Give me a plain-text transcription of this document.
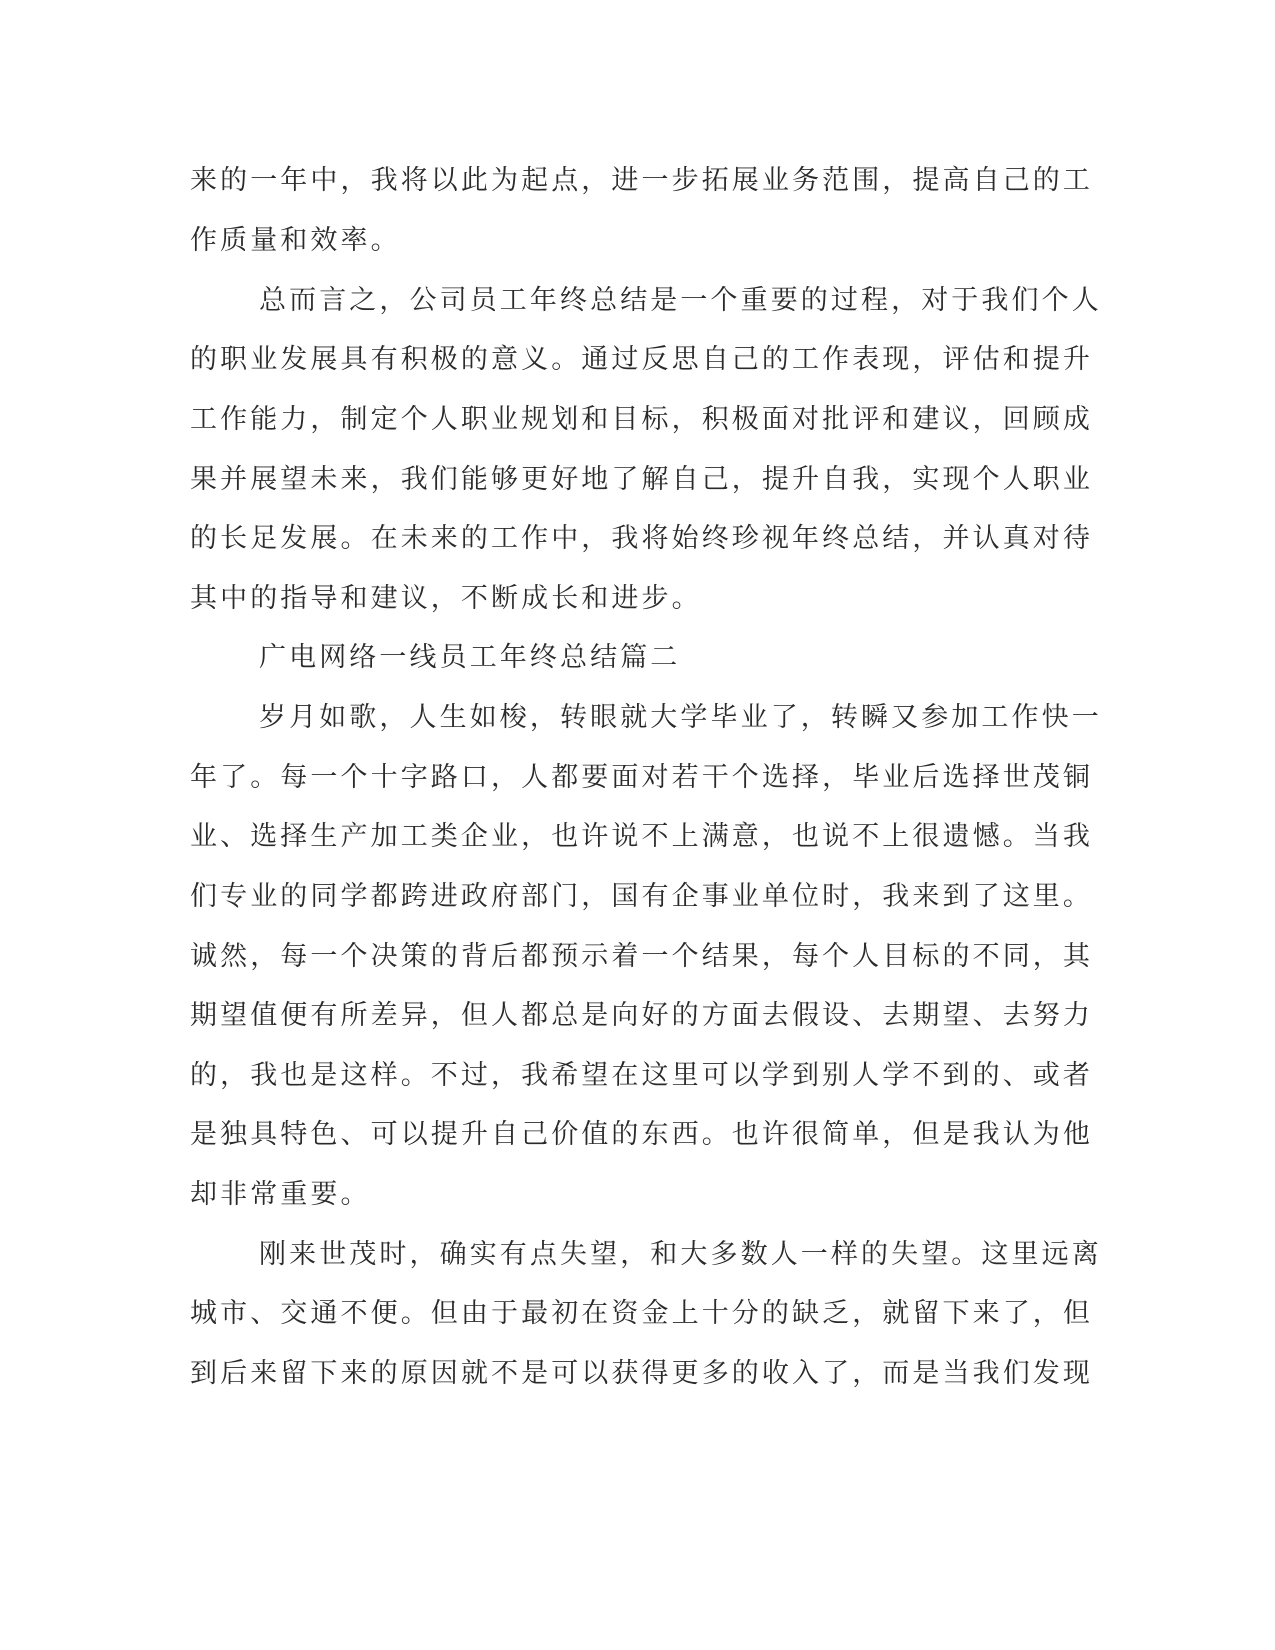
来的一年中，我将以此为起点，进一步拓展业务范围，提高自己的工
作质量和效率。
总而言之，公司员工年终总结是一个重要的过程，对于我们个人
的职业发展具有积极的意义。通过反思自己的工作表现，评估和提升
工作能力，制定个人职业规划和目标，积极面对批评和建议，回顾成
果并展望未来，我们能够更好地了解自己，提升自我，实现个人职业
的长足发展。在未来的工作中，我将始终珍视年终总结，并认真对待
其中的指导和建议，不断成长和进步。
广电网络一线员工年终总结篇二
岁月如歌，人生如梭，转眼就大学毕业了，转瞬又参加工作快一
年了。每一个十字路口，人都要面对若干个选择，毕业后选择世茂铜
业、选择生产加工类企业，也许说不上满意，也说不上很遗憾。当我
们专业的同学都跨进政府部门，国有企事业单位时，我来到了这里。
诚然，每一个决策的背后都预示着一个结果，每个人目标的不同，其
期望值便有所差异，但人都总是向好的方面去假设、去期望、去努力
的，我也是这样。不过，我希望在这里可以学到别人学不到的、或者
是独具特色、可以提升自己价值的东西。也许很简单，但是我认为他
却非常重要。
刚来世茂时，确实有点失望，和大多数人一样的失望。这里远离
城市、交通不便。但由于最初在资金上十分的缺乏，就留下来了，但
到后来留下来的原因就不是可以获得更多的收入了，而是当我们发现
